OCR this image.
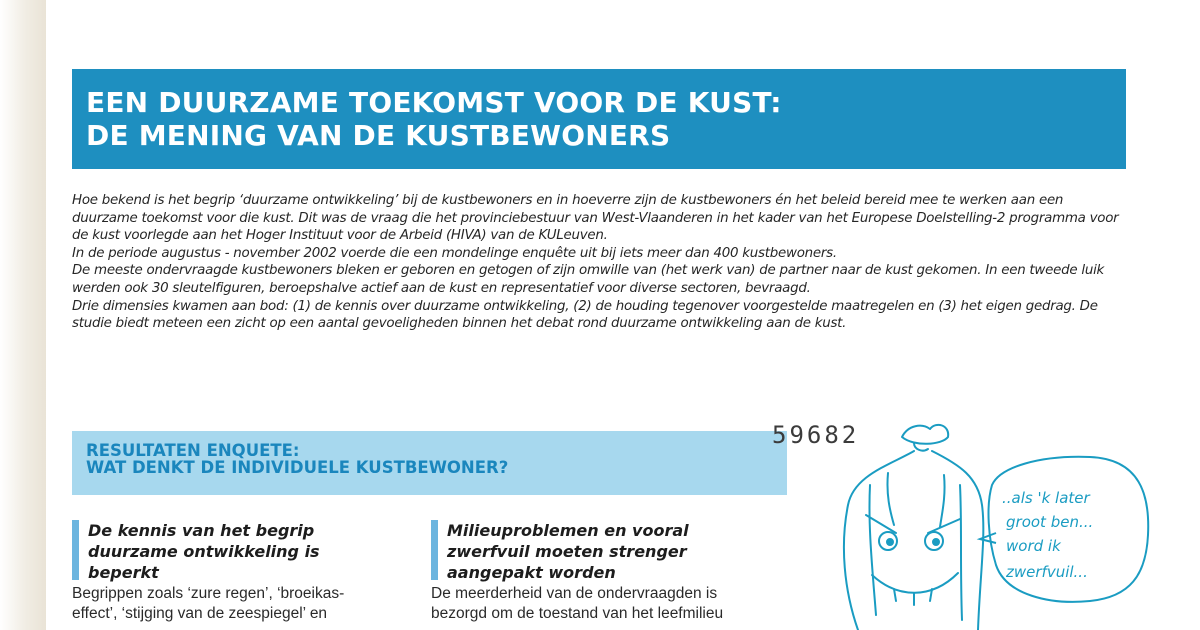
EEN DUURZAME TOEKOMST VOOR DE KUST:
DE MENING VAN DE KUSTBEWONERS

Hoe bekend is het begrip ‘duurzame ontwikkeling’ bij de kustbewoners en in hoeverre zijn de kustbewoners én het beleid bereid mee te werken aan een duurzame toekomst voor die kust. Dit was de vraag die het provinciebestuur van West-Vlaanderen in het kader van het Europese Doelstelling-2 programma voor de kust voorlegde aan het Hoger Instituut voor de Arbeid (HIVA) van de KULeuven.

In de periode augustus - november 2002 voerde die een mondelinge enquête uit bij iets meer dan 400 kustbewoners.

De meeste ondervraagde kustbewoners bleken er geboren en getogen of zijn omwille van (het werk van) de partner naar de kust gekomen. In een tweede luik werden ook 30 sleutelfiguren, beroepshalve actief aan de kust en representatief voor diverse sectoren, bevraagd.

Drie dimensies kwamen aan bod: (1) de kennis over duurzame ontwikkeling, (2) de houding tegenover voorgestelde maatregelen en (3) het eigen gedrag. De studie biedt meteen een zicht op een aantal gevoeligheden binnen het debat rond duurzame ontwikkeling aan de kust.

RESULTATEN ENQUETE:
WAT DENKT DE INDIVIDUELE KUSTBEWONER?
59682
De kennis van het begrip
duurzame ontwikkeling is
beperkt

Begrippen zoals ‘zure regen’, ‘broeikas-
effect’, ‘stijging van de zeespiegel’ en

Milieuproblemen en vooral
zwerfvuil moeten strenger
aangepakt worden

De meerderheid van de ondervraagden is
bezorgd om de toestand van het leefmilieu

..als 'k later
groot ben...
word ik
zwerfvuil...
